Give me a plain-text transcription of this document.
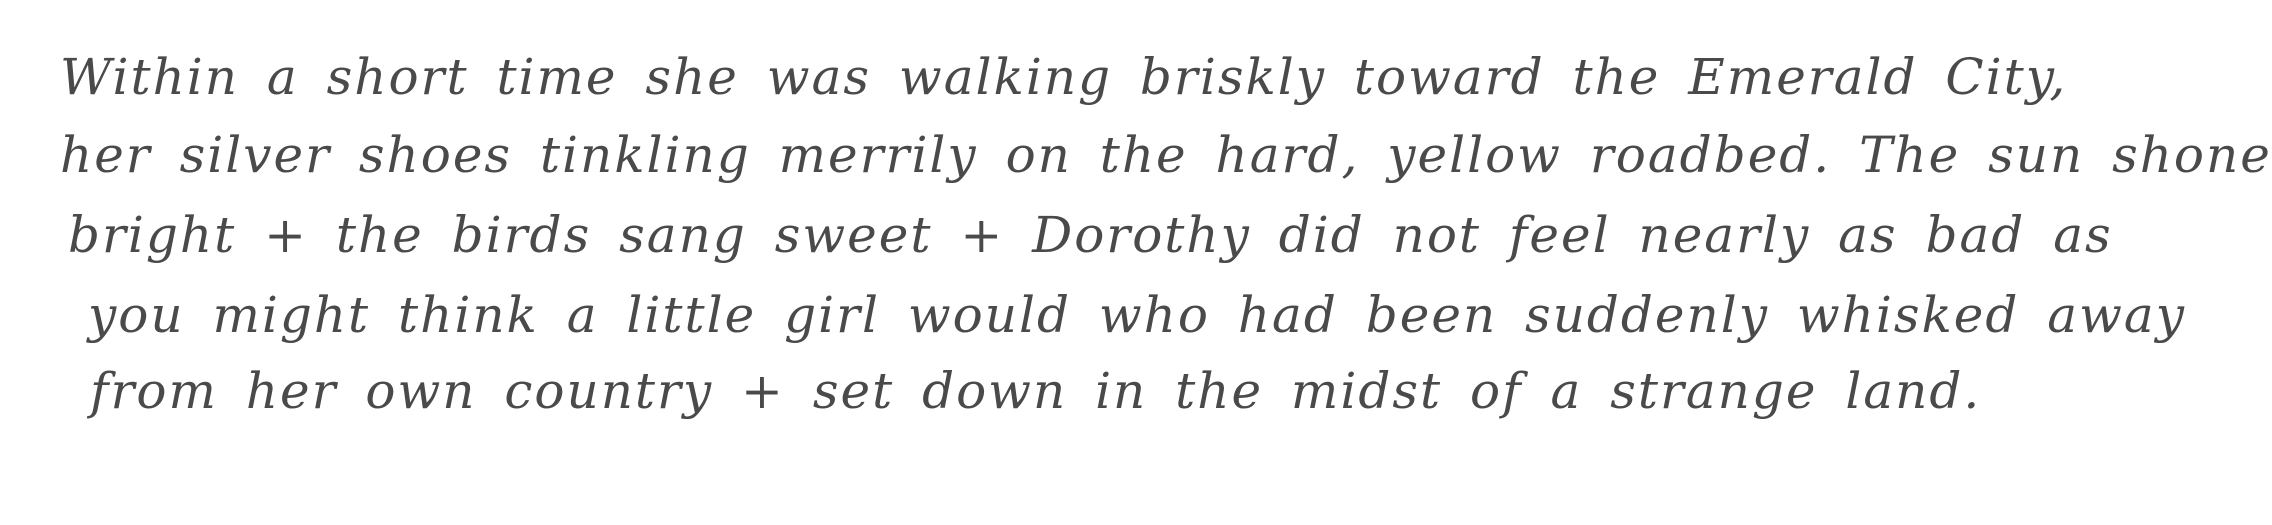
Within a short time she was walking briskly toward the Emerald City,
her silver shoes tinkling merrily on the hard, yellow roadbed. The sun shone
bright + the birds sang sweet + Dorothy did not feel nearly as bad as
you might think a little girl would who had been suddenly whisked away
from her own country + set down in the midst of a strange land.
